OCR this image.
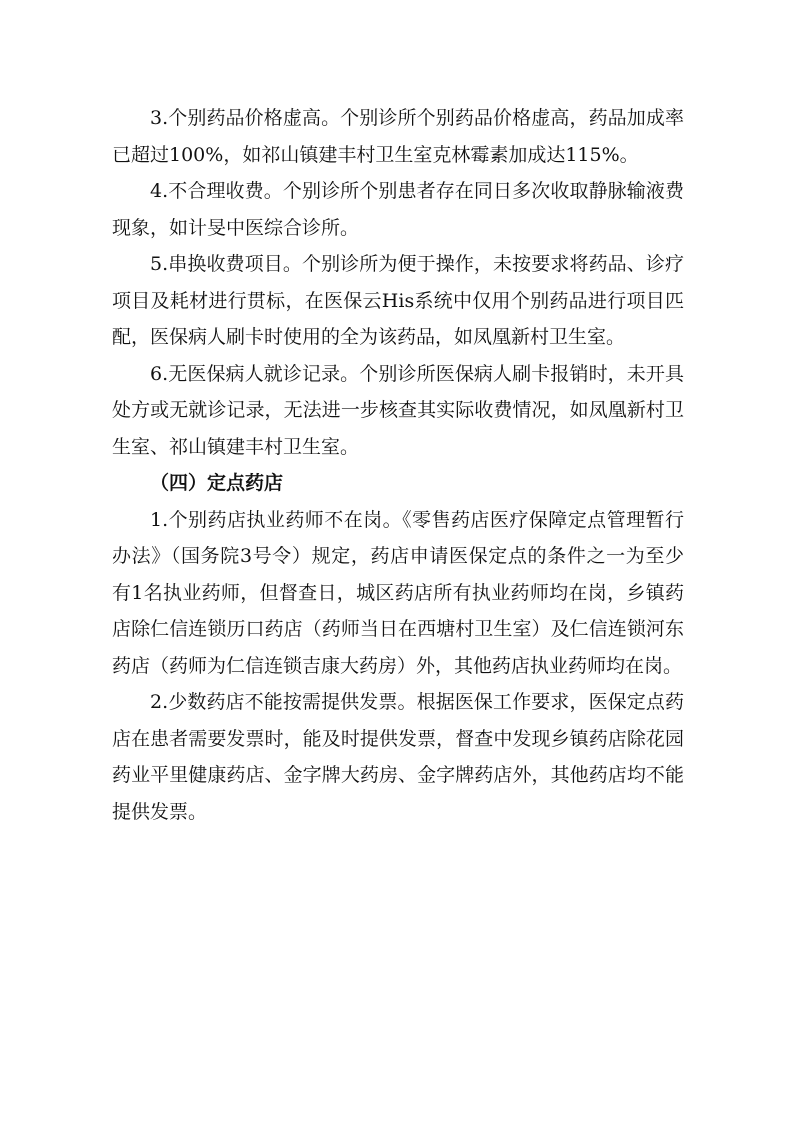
3.个别药品价格虚高。个别诊所个别药品价格虚高，药品加成率已超过100%，如祁山镇建丰村卫生室克林霉素加成达115%。

4.不合理收费。个别诊所个别患者存在同日多次收取静脉输液费现象，如计旻中医综合诊所。

5.串换收费项目。个别诊所为便于操作，未按要求将药品、诊疗项目及耗材进行贯标，在医保云His系统中仅用个别药品进行项目匹配，医保病人刷卡时使用的全为该药品，如凤凰新村卫生室。

6.无医保病人就诊记录。个别诊所医保病人刷卡报销时，未开具处方或无就诊记录，无法进一步核查其实际收费情况，如凤凰新村卫生室、祁山镇建丰村卫生室。

（四）定点药店

1.个别药店执业药师不在岗。《零售药店医疗保障定点管理暂行办法》（国务院3号令）规定，药店申请医保定点的条件之一为至少有1名执业药师，但督查日，城区药店所有执业药师均在岗，乡镇药店除仁信连锁历口药店（药师当日在西塘村卫生室）及仁信连锁河东药店（药师为仁信连锁吉康大药房）外，其他药店执业药师均在岗。

2.少数药店不能按需提供发票。根据医保工作要求，医保定点药店在患者需要发票时，能及时提供发票，督查中发现乡镇药店除花园药业平里健康药店、金字牌大药房、金字牌药店外，其他药店均不能提供发票。
